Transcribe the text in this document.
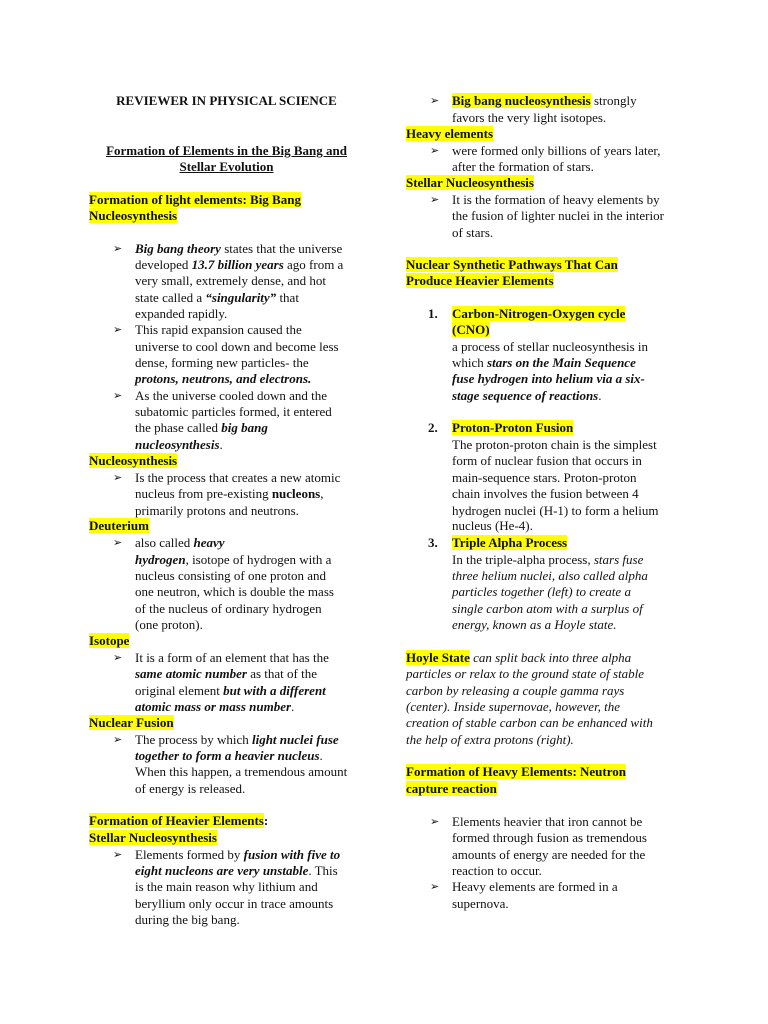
REVIEWER IN PHYSICAL SCIENCE
Formation of Elements in the Big Bang and
Stellar Evolution
Formation of light elements: Big Bang
Nucleosynthesis
➢ Big bang theory states that the universe
developed 13.7 billion years ago from a
very small, extremely dense, and hot
state called a “singularity” that
expanded rapidly.
➢ This rapid expansion caused the
universe to cool down and become less
dense, forming new particles- the
protons, neutrons, and electrons.
➢ As the universe cooled down and the
subatomic particles formed, it entered
the phase called big bang
nucleosynthesis.
Nucleosynthesis
➢ Is the process that creates a new atomic
nucleus from pre-existing nucleons,
primarily protons and neutrons.
Deuterium
➢ also called heavy
hydrogen, isotope of hydrogen with a
nucleus consisting of one proton and
one neutron, which is double the mass
of the nucleus of ordinary hydrogen
(one proton).
Isotope
➢ It is a form of an element that has the
same atomic number as that of the
original element but with a different
atomic mass or mass number.
Nuclear Fusion
➢ The process by which light nuclei fuse
together to form a heavier nucleus.
When this happen, a tremendous amount
of energy is released.
Formation of Heavier Elements:
Stellar Nucleosynthesis
➢ Elements formed by fusion with five to
eight nucleons are very unstable. This
is the main reason why lithium and
beryllium only occur in trace amounts
during the big bang.
➢ Big bang nucleosynthesis strongly
favors the very light isotopes.
Heavy elements
➢ were formed only billions of years later,
after the formation of stars.
Stellar Nucleosynthesis
➢ It is the formation of heavy elements by
the fusion of lighter nuclei in the interior
of stars.
Nuclear Synthetic Pathways That Can
Produce Heavier Elements
1. Carbon-Nitrogen-Oxygen cycle
(CNO)
a process of stellar nucleosynthesis in
which stars on the Main Sequence
fuse hydrogen into helium via a six-
stage sequence of reactions.
2. Proton-Proton Fusion
The proton-proton chain is the simplest
form of nuclear fusion that occurs in
main-sequence stars. Proton-proton
chain involves the fusion between 4
hydrogen nuclei (H-1) to form a helium
nucleus (He-4).
3. Triple Alpha Process
In the triple-alpha process, stars fuse
three helium nuclei, also called alpha
particles together (left) to create a
single carbon atom with a surplus of
energy, known as a Hoyle state.
Hoyle State can split back into three alpha
particles or relax to the ground state of stable
carbon by releasing a couple gamma rays
(center). Inside supernovae, however, the
creation of stable carbon can be enhanced with
the help of extra protons (right).
Formation of Heavy Elements: Neutron
capture reaction
➢ Elements heavier that iron cannot be
formed through fusion as tremendous
amounts of energy are needed for the
reaction to occur.
➢ Heavy elements are formed in a
supernova.
